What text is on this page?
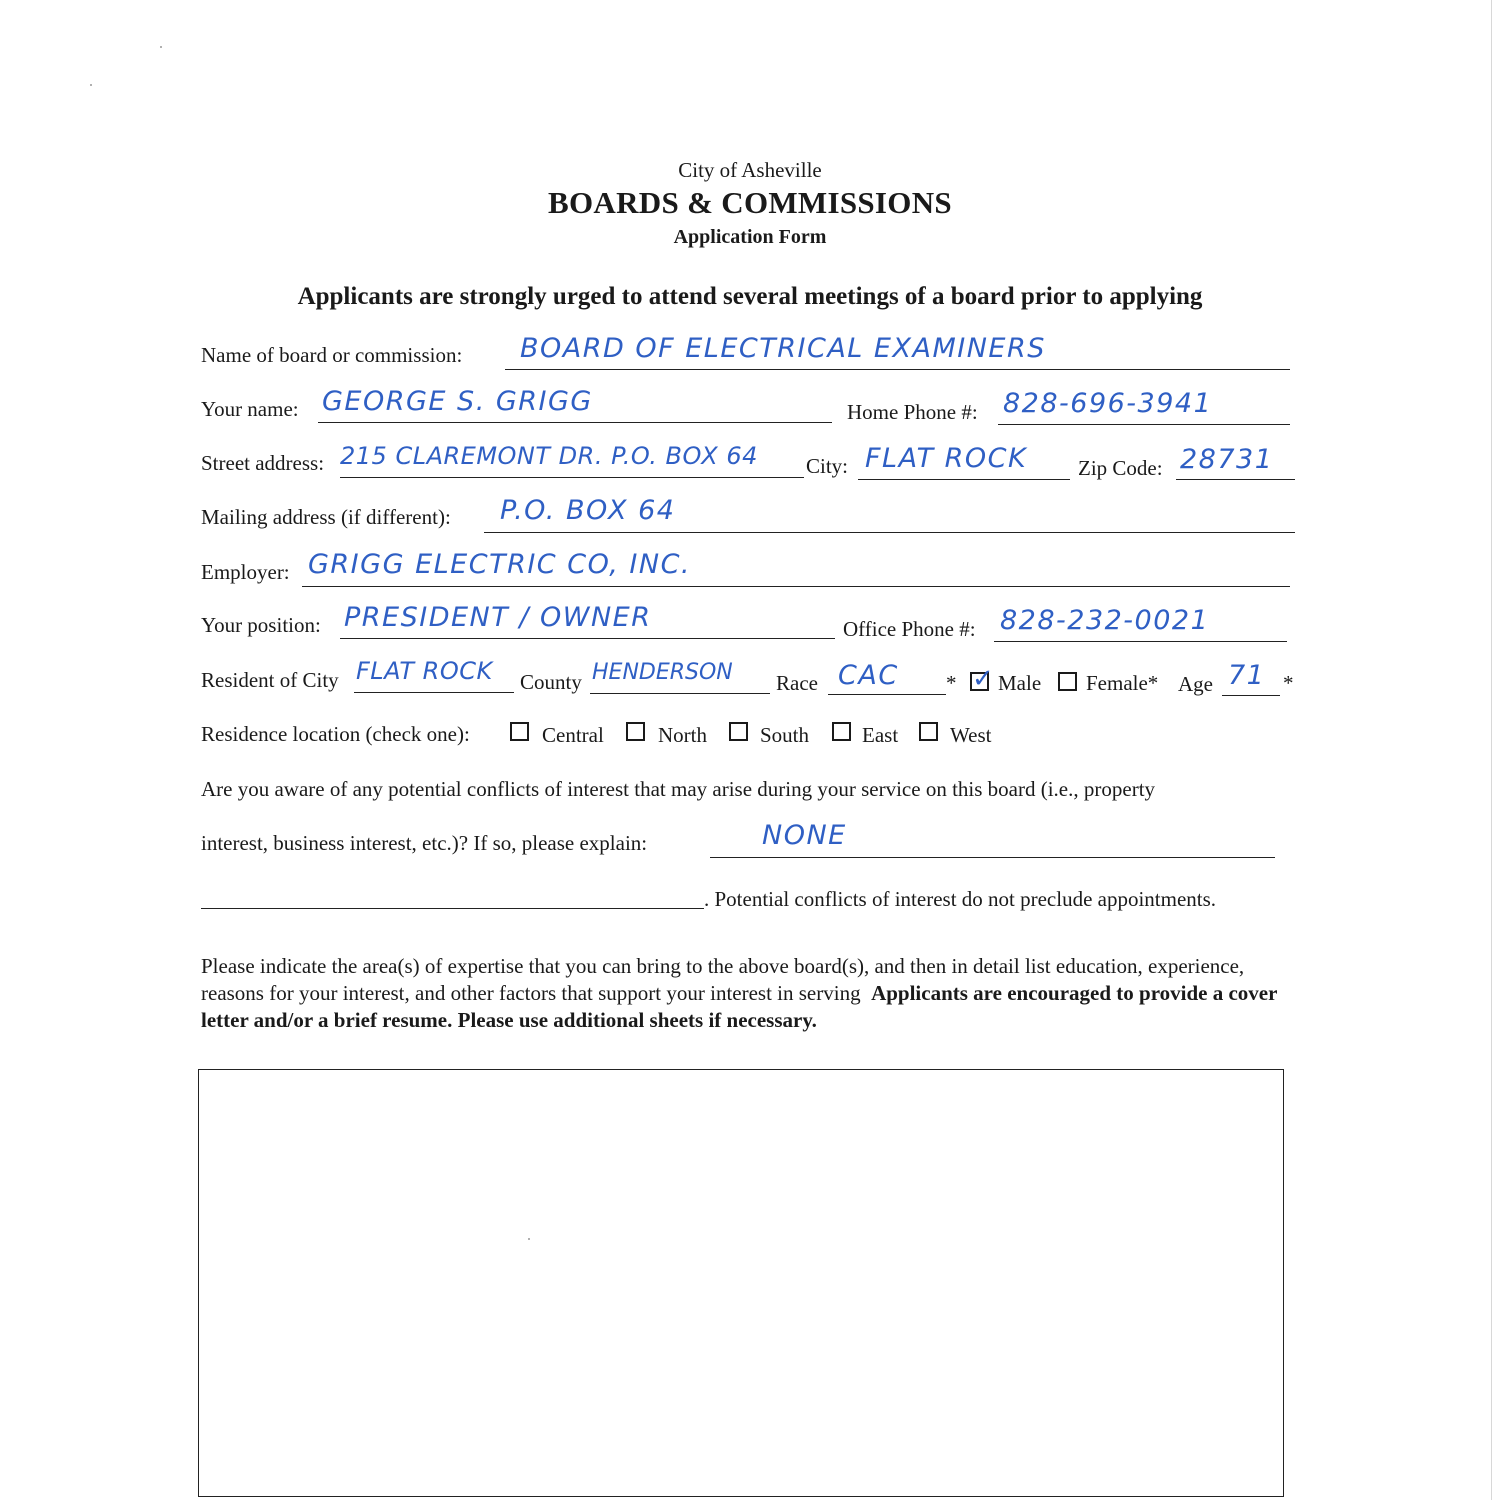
City of Asheville
BOARDS & COMMISSIONS
Application Form
Applicants are strongly urged to attend several meetings of a board prior to applying
Name of board or commission: BOARD OF ELECTRICAL EXAMINERS
Your name: GEORGE S. GRIGG	Home Phone #: 828-696-3941
Street address: 215 CLAREMONT DR. P.O. BOX 64 City: FLAT ROCK Zip Code: 28731
Mailing address (if different): P.O. BOX 64
Employer: GRIGG ELECTRIC CO, INC.
Your position: PRESIDENT / OWNER	Office Phone #: 828-232-0021
Resident of City FLAT ROCK County HENDERSON Race CAC * ✓ Male Female* Age 71 *
Residence location (check one):	Central	North	South	East West
Are you aware of any potential conflicts of interest that may arise during your service on this board (i.e., property
interest, business interest, etc.)? If so, please explain:	NONE
. Potential conflicts of interest do not preclude appointments.
Please indicate the area(s) of expertise that you can bring to the above board(s), and then in detail list education, experience, reasons for your interest, and other factors that support your interest in serving Applicants are encouraged to provide a cover letter and/or a brief resume. Please use additional sheets if necessary.
